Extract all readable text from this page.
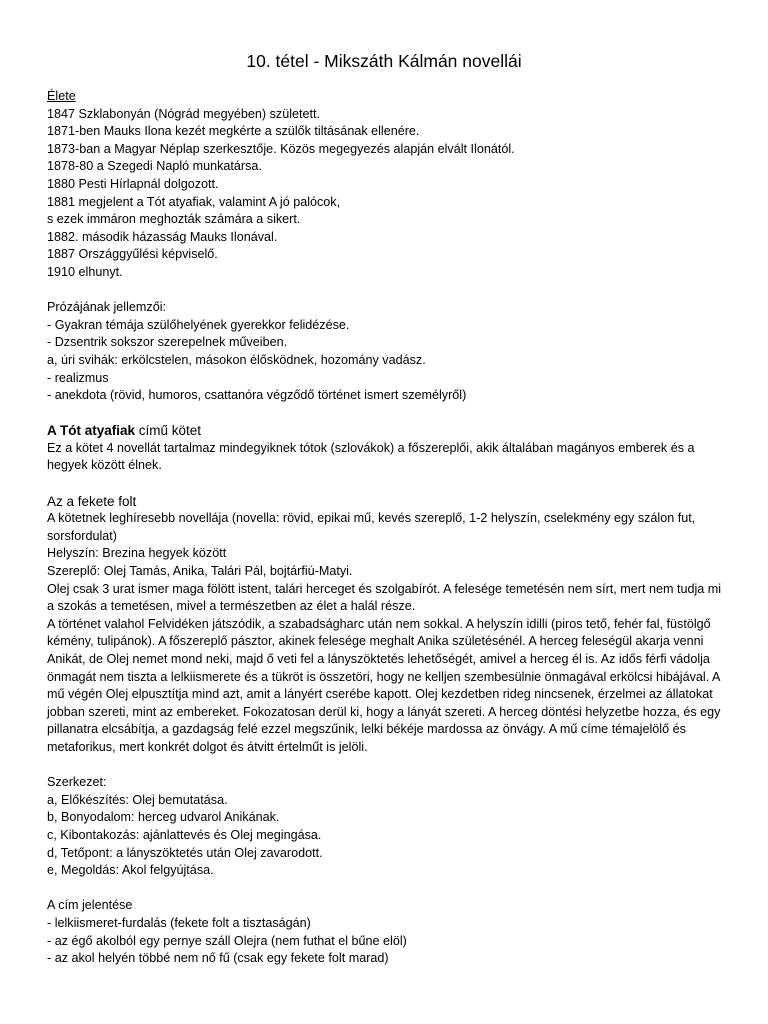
10. tétel - Mikszáth Kálmán novellái
Élete
1847 Szklabonyán (Nógrád megyében) született.
1871-ben Mauks Ilona kezét megkérte a szülők tiltásának ellenére.
1873-ban a Magyar Néplap szerkesztője. Közös megegyezés alapján elvált Ilonától.
1878-80 a Szegedi Napló munkatársa.
1880 Pesti Hírlapnál dolgozott.
1881 megjelent a Tót atyafiak, valamint A jó palócok,
s ezek immáron meghozták számára a sikert.
1882. második házasság Mauks Ilonával.
1887 Országgyűlési képviselő.
1910 elhunyt.
Prózájának jellemzői:
- Gyakran témája szülőhelyének gyerekkor felidézése.
- Dzsentrik sokszor szerepelnek műveiben.
a, úri svihák: erkölcstelen, másokon élősködnek, hozomány vadász.
- realizmus
- anekdota (rövid, humoros, csattanóra végződő történet ismert személyről)
A Tót atyafiak című kötet
Ez a kötet 4 novellát tartalmaz mindegyiknek tótok (szlovákok) a főszereplői, akik általában magányos emberek és a hegyek között élnek.
Az a fekete folt
A kötetnek leghíresebb novellája (novella: rövid, epikai mű, kevés szereplő, 1-2 helyszín, cselekmény egy szálon fut, sorsfordulat)
Helyszín: Brezina hegyek között
Szereplő: Olej Tamás, Anika, Talári Pál, bojtárfiú-Matyi.
Olej csak 3 urat ismer maga fölött istent, talári herceget és szolgabírót. A felesége temetésén nem sírt, mert nem tudja mi a szokás a temetésen, mivel a természetben az élet a halál része.
A történet valahol Felvidéken játszódik, a szabadságharc után nem sokkal. A helyszín idilli (piros tető, fehér fal, füstölgő kémény, tulipánok). A főszereplő pásztor, akinek felesége meghalt Anika születésénél. A herceg feleségül akarja venni Anikát, de Olej nemet mond neki, majd ő veti fel a lányszöktetés lehetőségét, amivel a herceg él is. Az idős férfi vádolja önmagát nem tiszta a lelkiismerete és a tükröt is összetöri, hogy ne kelljen szembesülnie önmagával erkölcsi hibájával. A mű végén Olej elpusztítja mind azt, amit a lányért cserébe kapott. Olej kezdetben rideg nincsenek, érzelmei az állatokat jobban szereti, mint az embereket. Fokozatosan derül ki, hogy a lányát szereti. A herceg döntési helyzetbe hozza, és egy pillanatra elcsábítja, a gazdagság felé ezzel megszűnik, lelki békéje mardossa az önvágy. A mű címe témajelölő és metaforikus, mert konkrét dolgot és átvitt értelműt is jelöli.
Szerkezet:
a, Előkészítés: Olej bemutatása.
b, Bonyodalom: herceg udvarol Anikának.
c, Kibontakozás: ajánlattevés és Olej megingása.
d, Tetőpont: a lányszöktetés után Olej zavarodott.
e, Megoldás: Akol felgyújtása.
A cím jelentése
- lelkiismeret-furdalás (fekete folt a tisztaságán)
- az égő akolból egy pernye száll Olejra (nem futhat el bűne elöl)
- az akol helyén többé nem nő fű (csak egy fekete folt marad)
